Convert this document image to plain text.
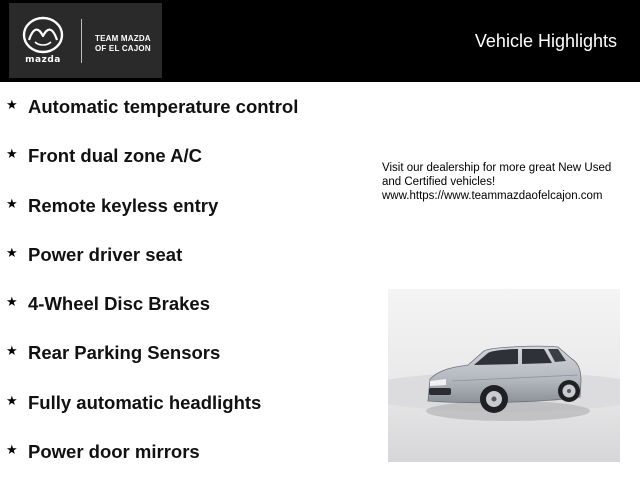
mazda
TEAM MAZDA
OF EL CAJON	Vehicle Highlights
★ Automatic temperature control
★ Front dual zone A/C
★ Remote keyless entry
★ Power driver seat
★ 4-Wheel Disc Brakes
★ Rear Parking Sensors
★ Fully automatic headlights
★ Power door mirrors
Visit our dealership for more great New Used
and Certified vehicles!
www.https://www.teammazdaofelcajon.com
